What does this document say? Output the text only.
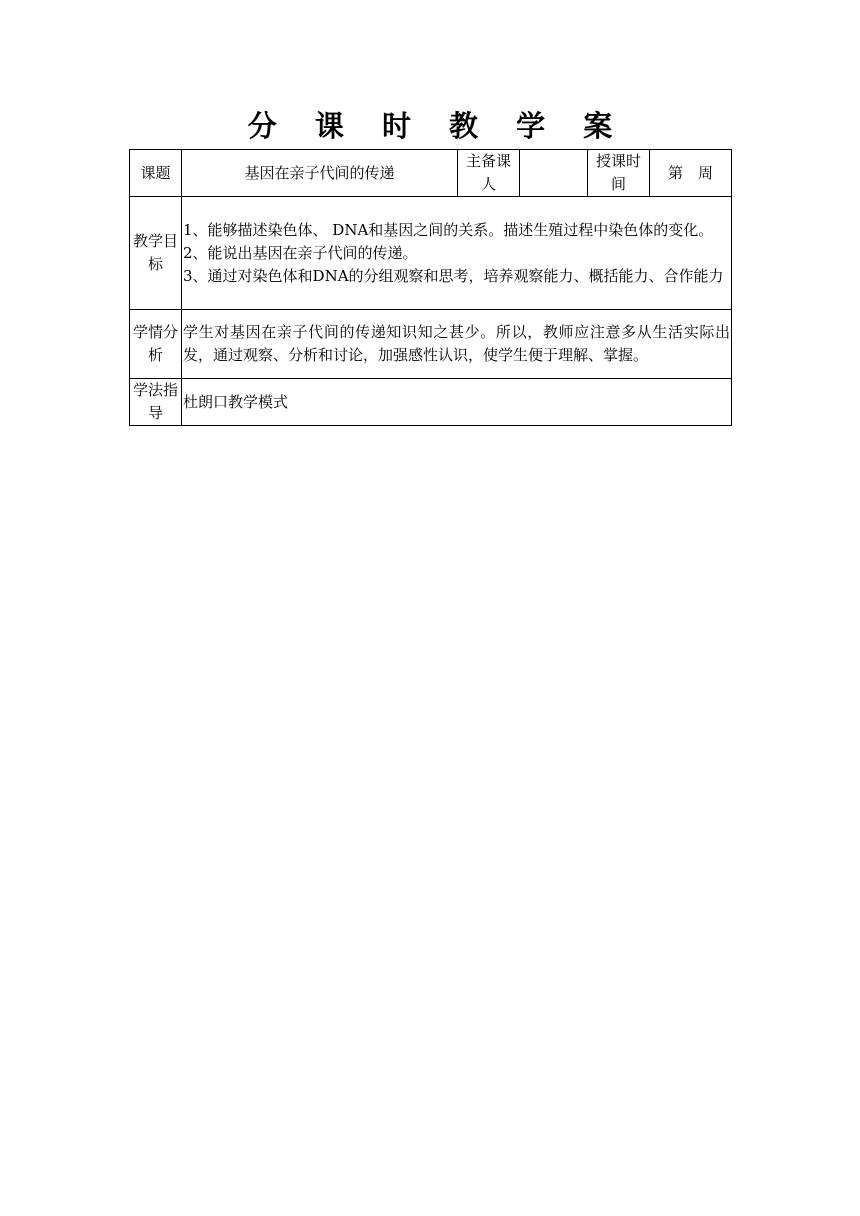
分 课 时 教 学 案
课题	基因在亲子代间的传递	主备课人		授课时间	第　周
教学目标	1、能够描述染色体、 DNA和基因之间的关系。描述生殖过程中染色体的变化。
2、能说出基因在亲子代间的传递。
3、通过对染色体和DNA的分组观察和思考，培养观察能力、概括能力、合作能力				

学情分析	学生对基因在亲子代间的传递知识知之甚少。所以，教师应注意多从生活实际出发，通过观察、分析和讨论，加强感性认识，使学生便于理解、掌握。				
学法指导	杜朗口教学模式				
